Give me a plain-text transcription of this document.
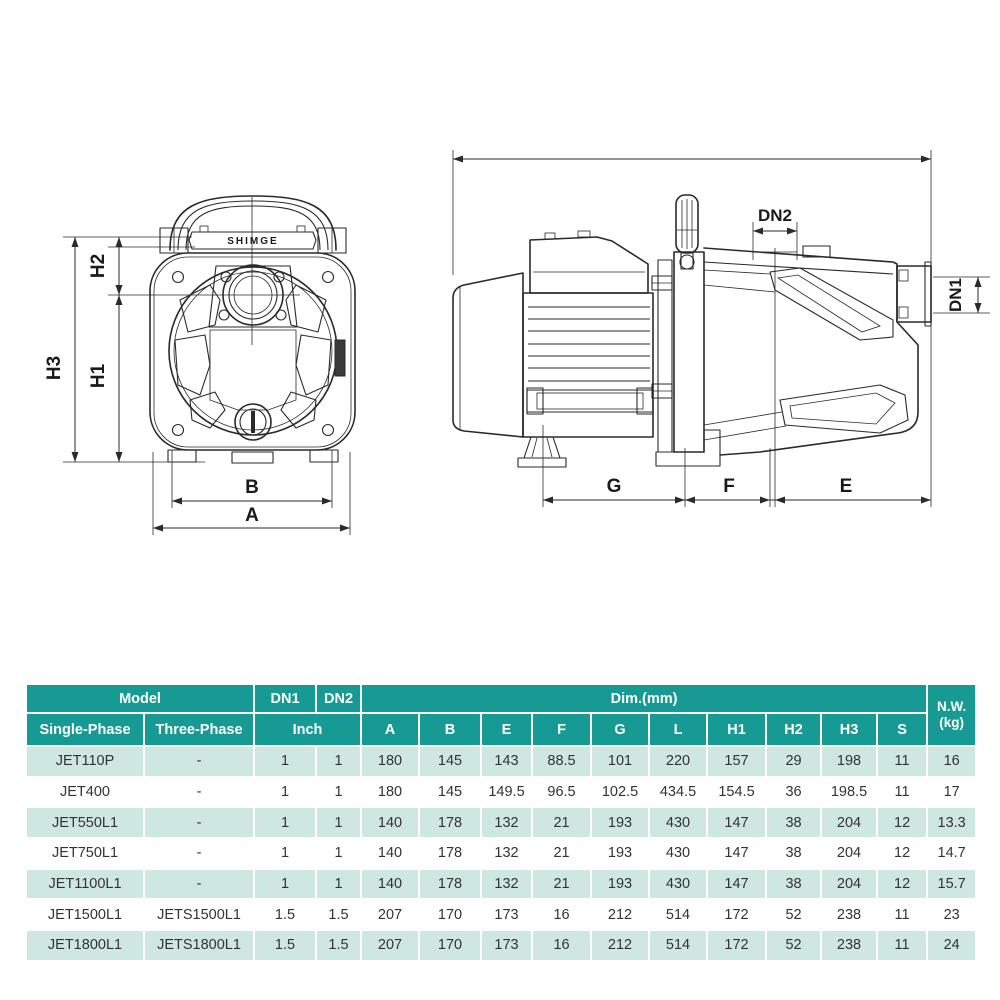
SHIMGE
H2
H3 H1
B
A
DN2
DN1
G	F	E
Model		DN1	DN2	Dim.(mm)										N.W.
(kg)
Single-Phase	Three-Phase	Inch		A	B	E	F	G	L	H1	H2	H3	S	
JET110P	-	1	1	180	145	143	88.5	101	220	157	29	198	11	16
JET400	-	1	1	180	145	149.5	96.5	102.5	434.5	154.5	36	198.5	11	17
JET550L1	-	1	1	140	178	132	21	193	430	147	38	204	12	13.3
JET750L1	-	1	1	140	178	132	21	193	430	147	38	204	12	14.7
JET1100L1	-	1	1	140	178	132	21	193	430	147	38	204	12	15.7
JET1500L1	JETS1500L1	1.5	1.5	207	170	173	16	212	514	172	52	238	11	23
JET1800L1	JETS1800L1	1.5	1.5	207	170	173	16	212	514	172	52	238	11	24
